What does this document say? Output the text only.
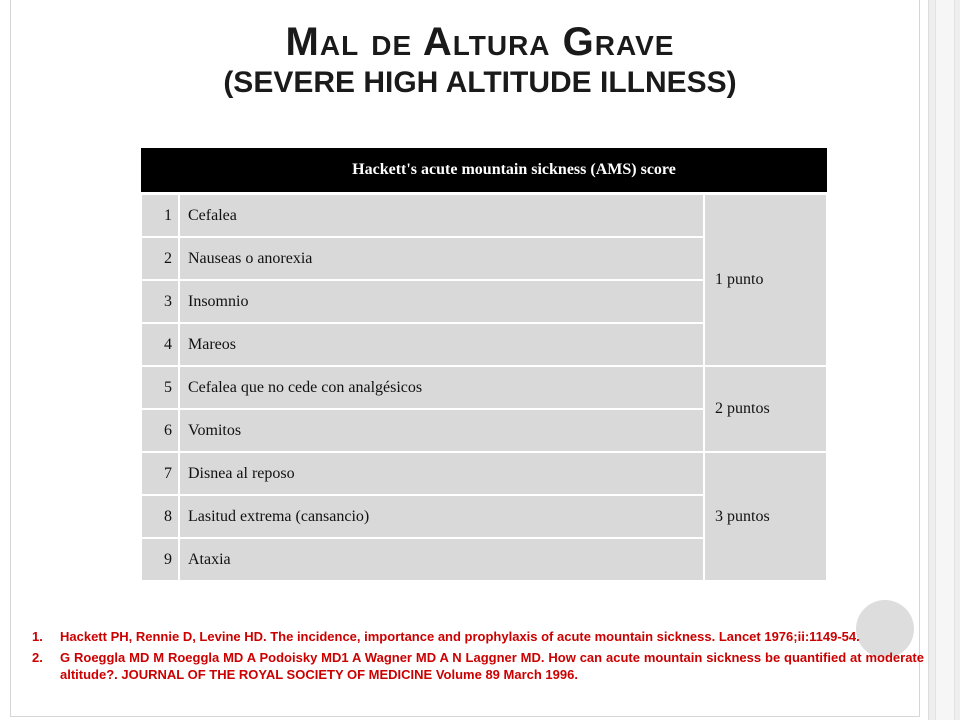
Mal de Altura Grave
(SEVERE HIGH ALTITUDE ILLNESS)
Hackett's acute mountain sickness (AMS) score		
1	Cefalea	1 punto
2	Nauseas o anorexia	
3	Insomnio	
4	Mareos	
5	Cefalea que no cede con analgésicos	2 puntos
6	Vomitos	
7	Disnea al reposo	3 puntos
8	Lasitud extrema (cansancio)	
9	Ataxia	
1.	Hackett PH, Rennie D, Levine HD. The incidence, importance and prophylaxis of acute mountain sickness. Lancet 1976;ii:1149-54.
2.	G Roeggla MD M Roeggla MD A Podoisky MD1 A Wagner MD A N Laggner MD. How can acute mountain sickness be quantified at moderate altitude?. JOURNAL OF THE ROYAL SOCIETY OF MEDICINE Volume 89 March 1996.
